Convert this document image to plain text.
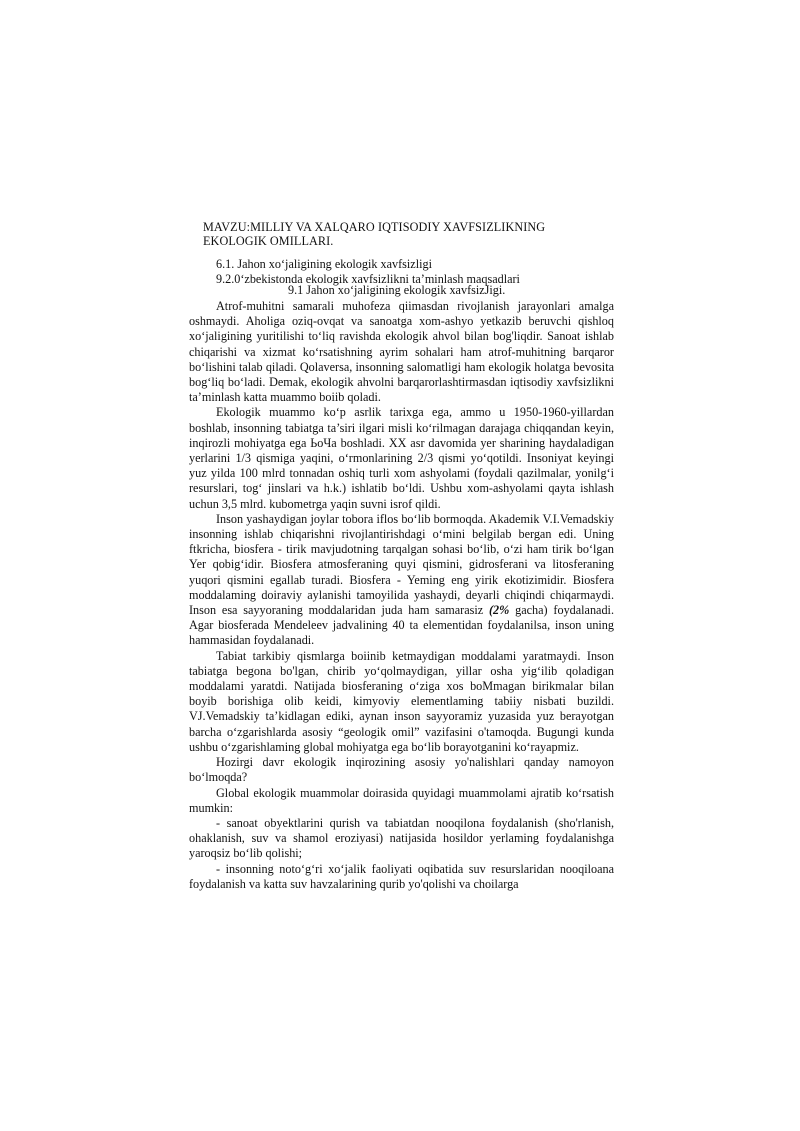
MAVZU:MILLIY VA XALQARO IQTISODIY XAVFSIZLIKNING
EKOLOGIK OMILLARI.

6.1. Jahon xo‘jaligining ekologik xavfsizligi
9.2.0‘zbekistonda ekologik xavfsizlikni ta’minlash maqsadlari
9.1 Jahon xo‘jaligining ekologik xavfsizJigi.

Atrof-muhitni samarali muhofeza qiimasdan rivojlanish jarayonlari amalga oshmaydi. Aholiga oziq-ovqat va sanoatga xom-ashyo yetkazib beruvchi qishloq xo‘jaligining yuritilishi to‘liq ravishda ekologik ahvol bilan bog'liqdir. Sanoat ishlab chiqarishi va xizmat ko‘rsatishning ayrim sohalari ham atrof-muhitning barqaror bo‘lishini talab qiladi. Qolaversa, insonning salomatligi ham ekologik holatga bevosita bog‘liq bo‘ladi. Demak, ekologik ahvolni barqarorlashtirmasdan iqtisodiy xavfsizlikni ta’minlash katta muammo boiib qoladi.

Ekologik muammo ko‘p asrlik tarixga ega, ammo u 1950-1960-yillardan boshlab, insonning tabiatga ta’siri ilgari misli ko‘rilmagan darajaga chiqqandan keyin, inqirozli mohiyatga ega ЬоЧа boshladi. XX asr davomida yer sharining haydaladigan yerlarini 1/3 qismiga yaqini, o‘rmonlarining 2/3 qismi yo‘qotildi. Insoniyat keyingi yuz yilda 100 mlrd tonnadan oshiq turli xom ashyolami (foydali qazilmalar, yonilg‘i resurslari, tog‘ jinslari va h.k.) ishlatib bo‘ldi. Ushbu xom-ashyolami qayta ishlash uchun 3,5 mlrd. kubometrga yaqin suvni isrof qildi.

Inson yashaydigan joylar tobora iflos bo‘lib bormoqda. Akademik V.I.Vemadskiy insonning ishlab chiqarishni rivojlantirishdagi o‘mini belgilab bergan edi. Uning ftkricha, biosfera - tirik mavjudotning tarqalgan sohasi bo‘lib, o‘zi ham tirik bo‘lgan Yer qobig‘idir. Biosfera atmosferaning quyi qismini, gidrosferani va litosferaning yuqori qismini egallab turadi. Biosfera - Yeming eng yirik ekotizimidir. Biosfera moddalaming doiraviy aylanishi tamoyilida yashaydi, deyarli chiqindi chiqarmaydi. Inson esa sayyoraning moddalaridan juda ham samarasiz (2% gacha) foydalanadi. Agar biosferada Mendeleev jadvalining 40 ta elementidan foydalanilsa, inson uning hammasidan foydalanadi.

Tabiat tarkibiy qismlarga boiinib ketmaydigan moddalami yaratmaydi. Inson tabiatga begona bo'lgan, chirib yo‘qolmaydigan, yillar osha yig‘ilib qoladigan moddalami yaratdi. Natijada biosferaning o‘ziga xos boMmagan birikmalar bilan boyib borishiga olib keidi, kimyoviy elementlaming tabiiy nisbati buzildi. VJ.Vemadskiy ta’kidlagan ediki, aynan inson sayyoramiz yuzasida yuz berayotgan barcha o‘zgarishlarda asosiy “geologik omil” vazifasini o'tamoqda. Bugungi kunda ushbu o‘zgarishlaming global mohiyatga ega bo‘lib borayotganini ko‘rayapmiz.

Hozirgi davr ekologik inqirozining asosiy yo'nalishlari qanday namoyon bo‘lmoqda?

Global ekologik muammolar doirasida quyidagi muammolami ajratib ko‘rsatish mumkin:

- sanoat obyektlarini qurish va tabiatdan nooqilona foydalanish (sho'rlanish, ohaklanish, suv va shamol eroziyasi) natijasida hosildor yerlaming foydalanishga yaroqsiz bo‘lib qolishi;

- insonning noto‘g‘ri xo‘jalik faoliyati oqibatida suv resurslaridan nooqiloana foydalanish va katta suv havzalarining qurib yo'qolishi va choilarga
